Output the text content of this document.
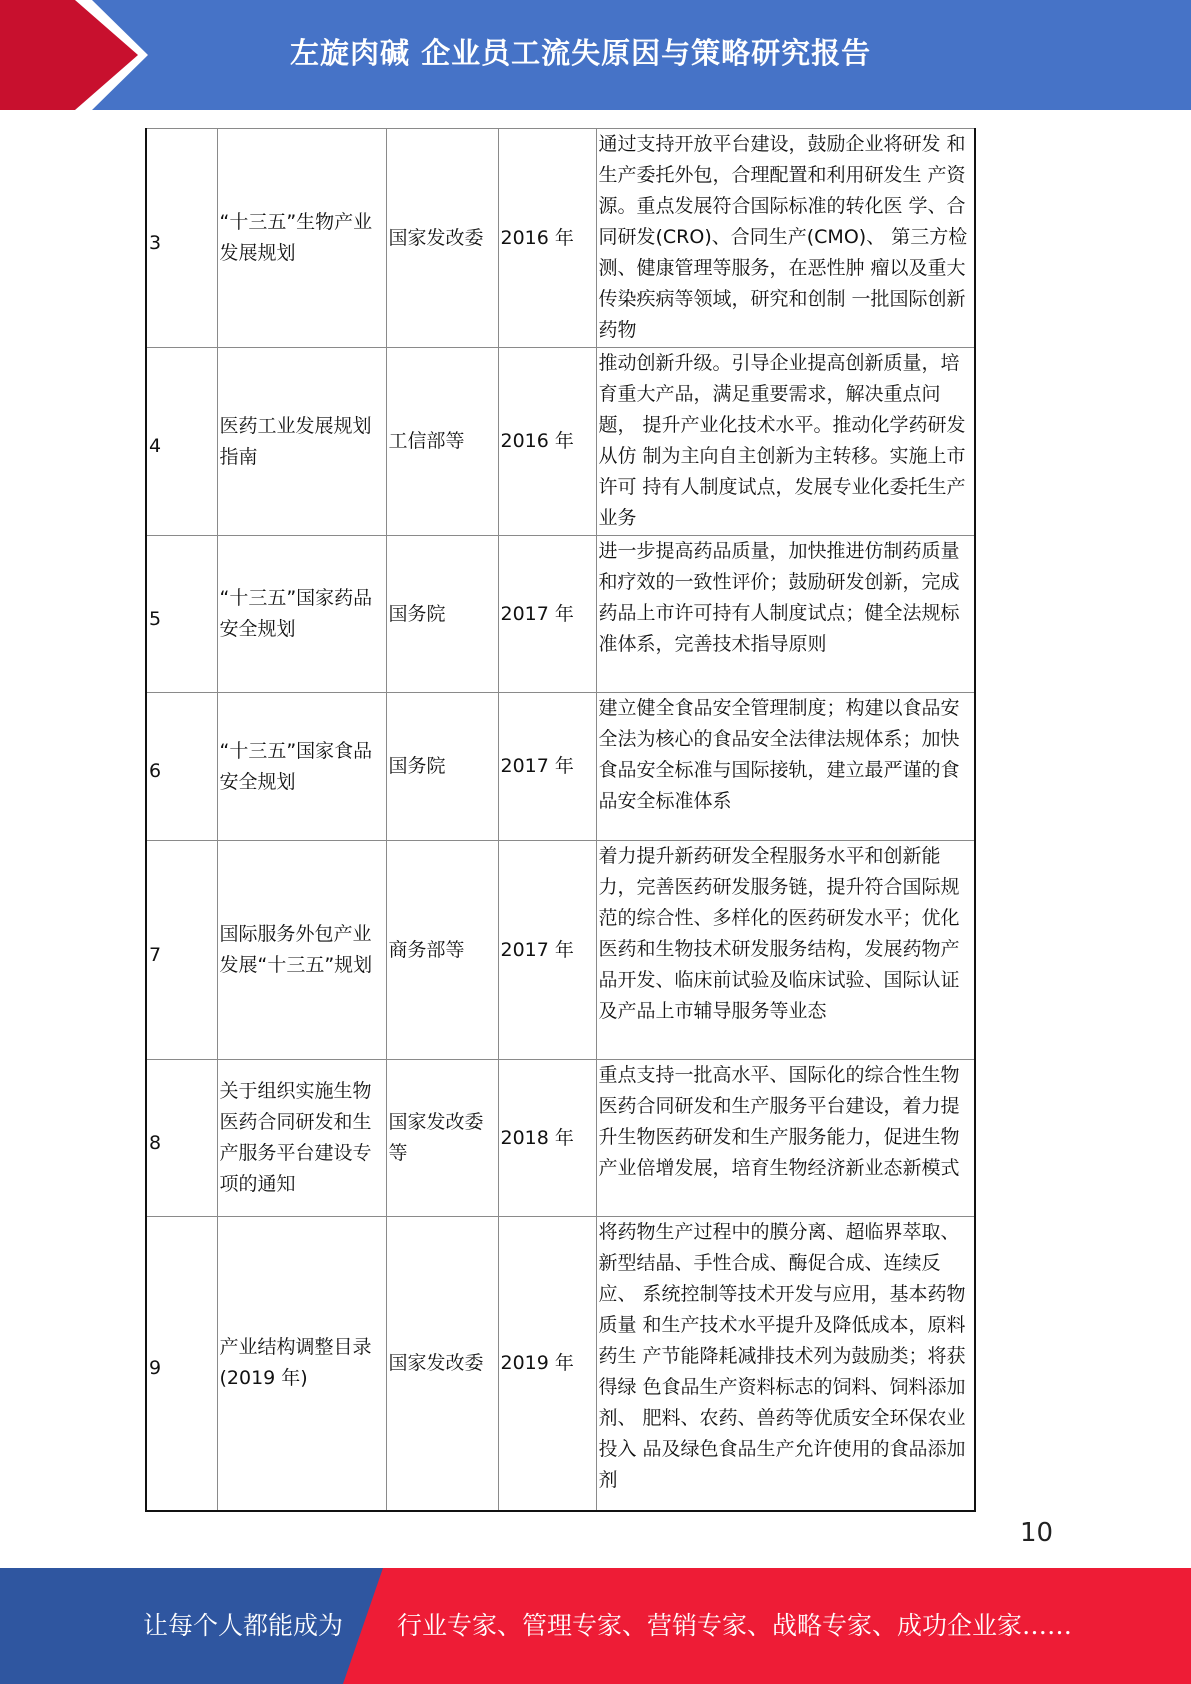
左旋肉碱 企业员工流失原因与策略研究报告
3	“十三五”生物产业发展规划	国家发改委	2016 年	通过支持开放平台建设，鼓励企业将研发 和生产委托外包，合理配置和利用研发生 产资源。重点发展符合国际标准的转化医 学、合同研发(CRO)、合同生产(CMO)、 第三方检测、健康管理等服务，在恶性肿 瘤以及重大传染疾病等领域，研究和创制 一批国际创新药物
4	医药工业发展规划指南	工信部等	2016 年	推动创新升级。引导企业提高创新质量，培 育重大产品，满足重要需求，解决重点问题， 提升产业化技术水平。推动化学药研发从仿 制为主向自主创新为主转移。实施上市许可 持有人制度试点，发展专业化委托生产业务
5	“十三五”国家药品安全规划	国务院	2017 年	进一步提高药品质量，加快推进仿制药质量 和疗效的一致性评价；鼓励研发创新，完成 药品上市许可持有人制度试点；健全法规标 准体系，完善技术指导原则
6	“十三五”国家食品安全规划	国务院	2017 年	建立健全食品安全管理制度；构建以食品安 全法为核心的食品安全法律法规体系；加快 食品安全标准与国际接轨，建立最严谨的食 品安全标准体系
7	国际服务外包产业发展“十三五”规划	商务部等	2017 年	着力提升新药研发全程服务水平和创新能 力，完善医药研发服务链，提升符合国际规 范的综合性、多样化的医药研发水平；优化 医药和生物技术研发服务结构，发展药物产 品开发、临床前试验及临床试验、国际认证 及产品上市辅导服务等业态
8	关于组织实施生物医药合同研发和生产服务平台建设专项的通知	国家发改委等	2018 年	重点支持一批高水平、国际化的综合性生物 医药合同研发和生产服务平台建设，着力提 升生物医药研发和生产服务能力，促进生物 产业倍增发展，培育生物经济新业态新模式
9	产业结构调整目录(2019 年)	国家发改委	2019 年	将药物生产过程中的膜分离、超临界萃取、 新型结晶、手性合成、酶促合成、连续反应、 系统控制等技术开发与应用，基本药物质量 和生产技术水平提升及降低成本，原料药生 产节能降耗减排技术列为鼓励类；将获得绿 色食品生产资料标志的饲料、饲料添加剂、 肥料、农药、兽药等优质安全环保农业投入 品及绿色食品生产允许使用的食品添加剂
10
让每个人都能成为 行业专家、管理专家、营销专家、战略专家、成功企业家……
